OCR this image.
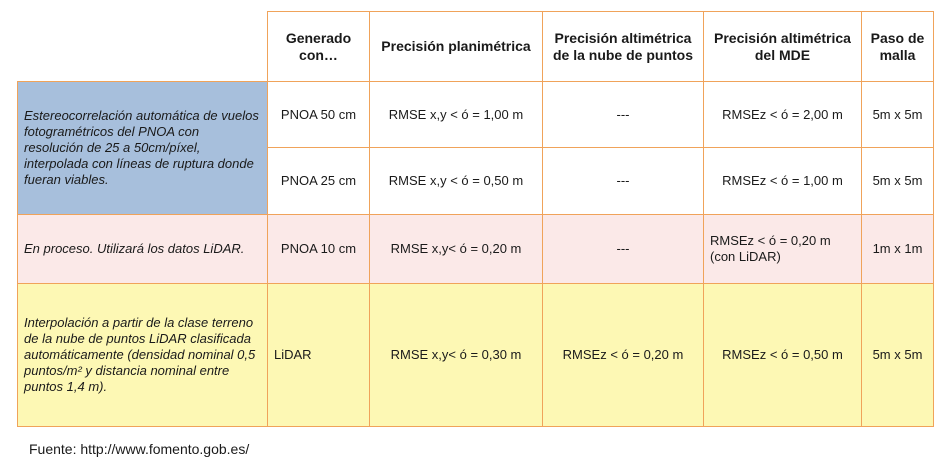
	Generado con…	Precisión planimétrica	Precisión altimétrica de la nube de puntos	Precisión altimétrica del MDE	Paso de malla
Estereocorrelación automática de vuelos fotogramétricos del PNOA con resolución de 25 a 50cm/píxel, interpolada con líneas de ruptura donde fueran viables.	PNOA 50 cm	RMSE x,y < ó = 1,00 m	---	RMSEz < ó = 2,00 m	5m x 5m
	PNOA 25 cm	RMSE x,y < ó = 0,50 m	---	RMSEz < ó = 1,00 m	5m x 5m
En proceso. Utilizará los datos LiDAR.	PNOA 10 cm	RMSE x,y< ó = 0,20 m	---	RMSEz < ó = 0,20 m (con LiDAR)	1m x 1m
Interpolación a partir de la clase terreno de la nube de puntos LiDAR clasificada automáticamente (densidad nominal 0,5 puntos/m² y distancia nominal entre puntos 1,4 m).	LiDAR	RMSE x,y< ó = 0,30 m	RMSEz < ó = 0,20 m	RMSEz < ó = 0,50 m	5m x 5m
Fuente: http://www.fomento.gob.es/
